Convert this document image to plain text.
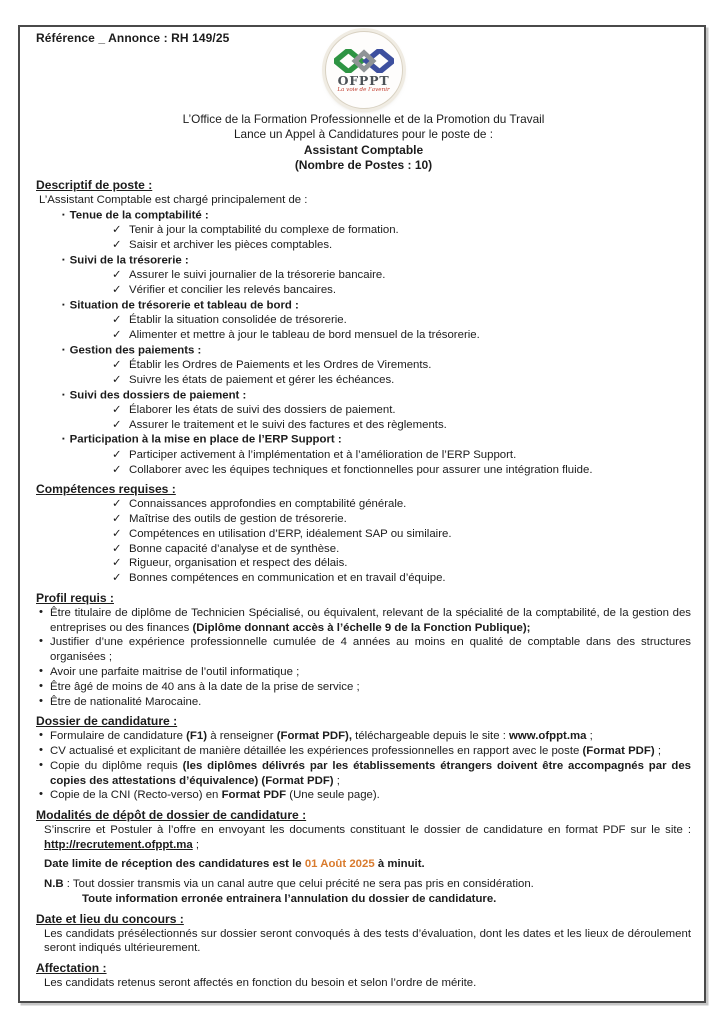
Référence _ Annonce : RH 149/25
OFPPT
La voie de l’avenir
L’Office de la Formation Professionnelle et de la Promotion du Travail
Lance un Appel à Candidatures pour le poste de :
Assistant Comptable
(Nombre de Postes : 10)
Descriptif de poste :
L’Assistant Comptable est chargé principalement de :
▪ Tenue de la comptabilité :
✓ Tenir à jour la comptabilité du complexe de formation.
✓ Saisir et archiver les pièces comptables.
▪ Suivi de la trésorerie :
✓ Assurer le suivi journalier de la trésorerie bancaire.
✓ Vérifier et concilier les relevés bancaires.
▪ Situation de trésorerie et tableau de bord :
✓ Établir la situation consolidée de trésorerie.
✓ Alimenter et mettre à jour le tableau de bord mensuel de la trésorerie.
▪ Gestion des paiements :
✓ Établir les Ordres de Paiements et les Ordres de Virements.
✓ Suivre les états de paiement et gérer les échéances.
▪ Suivi des dossiers de paiement :
✓ Élaborer les états de suivi des dossiers de paiement.
✓ Assurer le traitement et le suivi des factures et des règlements.
▪ Participation à la mise en place de l’ERP Support :
✓ Participer activement à l’implémentation et à l’amélioration de l’ERP Support.
✓ Collaborer avec les équipes techniques et fonctionnelles pour assurer une intégration fluide.
Compétences requises :
✓ Connaissances approfondies en comptabilité générale.
✓ Maîtrise des outils de gestion de trésorerie.
✓ Compétences en utilisation d’ERP, idéalement SAP ou similaire.
✓ Bonne capacité d’analyse et de synthèse.
✓ Rigueur, organisation et respect des délais.
✓ Bonnes compétences en communication et en travail d’équipe.
Profil requis :
• Être titulaire de diplôme de Technicien Spécialisé, ou équivalent, relevant de la spécialité de la comptabilité, de la gestion des entreprises ou des finances (Diplôme donnant accès à l’échelle 9 de la Fonction Publique);
• Justifier d’une expérience professionnelle cumulée de 4 années au moins en qualité de comptable dans des structures organisées ;
• Avoir une parfaite maitrise de l’outil informatique ;
• Être âgé de moins de 40 ans à la date de la prise de service ;
• Être de nationalité Marocaine.
Dossier de candidature :
• Formulaire de candidature (F1) à renseigner (Format PDF), téléchargeable depuis le site : www.ofppt.ma ;
• CV actualisé et explicitant de manière détaillée les expériences professionnelles en rapport avec le poste (Format PDF) ;
• Copie du diplôme requis (les diplômes délivrés par les établissements étrangers doivent être accompagnés par des copies des attestations d’équivalence) (Format PDF) ;
• Copie de la CNI (Recto-verso) en Format PDF (Une seule page).
Modalités de dépôt de dossier de candidature :
S’inscrire et Postuler à l’offre en envoyant les documents constituant le dossier de candidature en format PDF sur le site : http://recrutement.ofppt.ma ;
Date limite de réception des candidatures est le 01 Août 2025 à minuit.
N.B : Tout dossier transmis via un canal autre que celui précité ne sera pas pris en considération.
Toute information erronée entrainera l’annulation du dossier de candidature.
Date et lieu du concours :
Les candidats présélectionnés sur dossier seront convoqués à des tests d’évaluation, dont les dates et les lieux de déroulement seront indiqués ultérieurement.
Affectation :
Les candidats retenus seront affectés en fonction du besoin et selon l’ordre de mérite.
